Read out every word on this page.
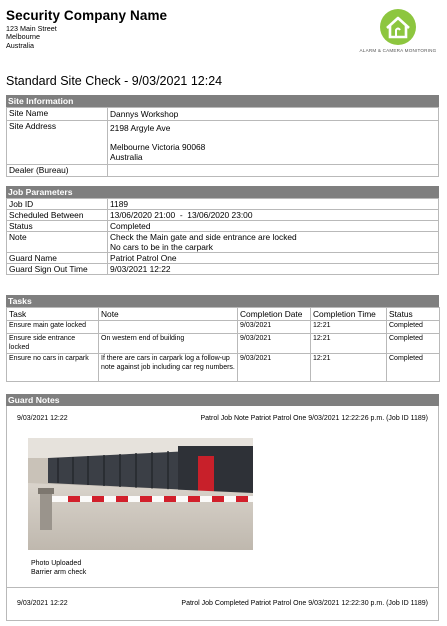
Security Company Name
123 Main Street
Melbourne
Australia
ALARM & CAMERA MONITORING
Standard Site Check - 9/03/2021 12:24
Site Information
Site Name	Dannys Workshop
Site Address	2198 Argyle Ave
Melbourne Victoria 90068
Australia

Dealer (Bureau)	
Job Parameters
Job ID	1189
Scheduled Between	13/06/2020 21:00  -  13/06/2020 23:00
Status	Completed
Note	Check the Main gate and side entrance are locked
No cars to be in the carpark

Guard Name	Patriot Patrol One
Guard Sign Out Time	9/03/2021 12:22
Tasks
Task	Note	Completion Date	Completion Time	Status
Ensure main gate locked		9/03/2021	12:21	Completed
Ensure side entrance locked	On western end of building	9/03/2021	12:21	Completed
Ensure no cars in carpark	If there are cars in carpark log a follow-up note against job including car reg numbers.	9/03/2021	12:21	Completed
Guard Notes
9/03/2021 12:22	Patrol Job Note Patriot Patrol One 9/03/2021 12:22:26 p.m. (Job ID 1189)
Photo Uploaded
Barrier arm check
9/03/2021 12:22	Patrol Job Completed Patriot Patrol One 9/03/2021 12:22:30 p.m. (Job ID 1189)
